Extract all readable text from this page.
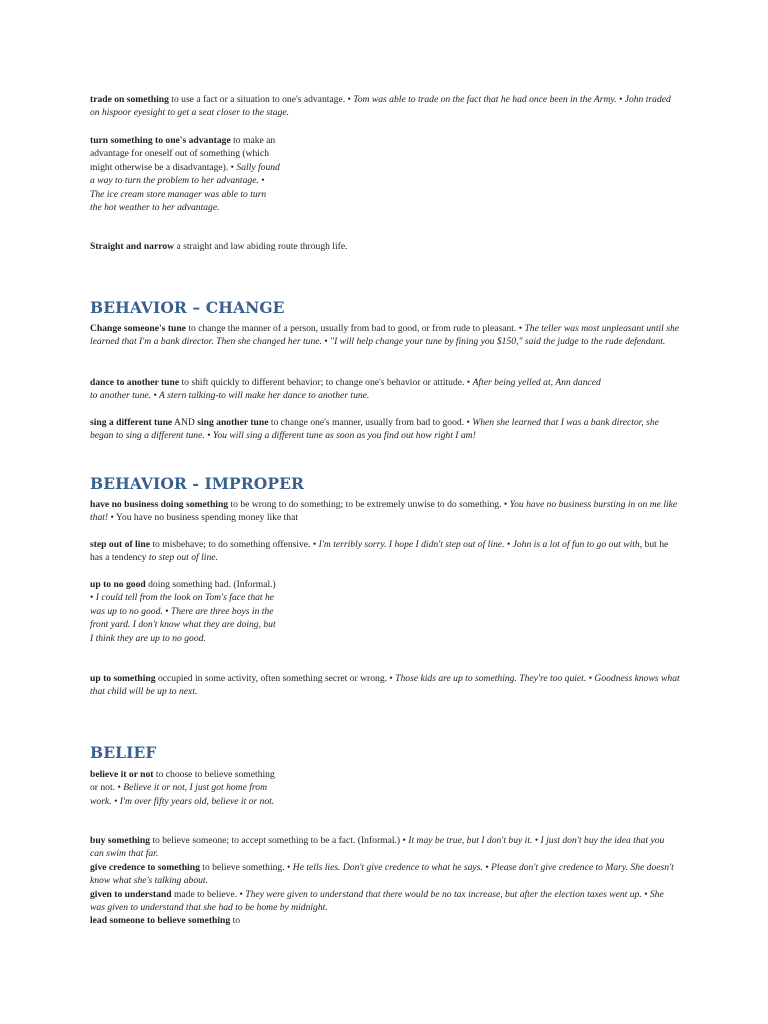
trade on something to use a fact or a situation to one's advantage. • Tom was able to trade on the fact that he had once been in the Army. • John traded on hispoor eyesight to get a seat closer to the stage.

turn something to one's advantage to make an advantage for oneself out of something (which might otherwise be a disadvantage). • Sally found a way to turn the problem to her advantage. • The ice cream store manager was able to turn the hot weather to her advantage.

Straight and narrow a straight and law abiding route through life.

BEHAVIOR – CHANGE

Change someone's tune to change the manner of a person, usually from bad to good, or from rude to pleasant. • The teller was most unpleasant until she learned that I'm a bank director. Then she changed her tune. • "I will help change your tune by fining you $150," said the judge to the rude defendant.

dance to another tune to shift quickly to different behavior; to change one's behavior or attitude. • After being yelled at, Ann danced to another tune. • A stern talking-to will make her dance to another tune.

sing a different tune AND sing another tune to change one's manner, usually from bad to good. • When she learned that I was a bank director, she began to sing a different tune. • You will sing a different tune as soon as you find out how right I am!

BEHAVIOR - IMPROPER

have no business doing something to be wrong to do something; to be extremely unwise to do something. • You have no business bursting in on me like that! • You have no business spending money like that

step out of line to misbehave; to do something offensive. • I'm terribly sorry. I hope I didn't step out of line. • John is a lot of fun to go out with, but he has a tendency to step out of line.

up to no good doing something bad. (Informal.) • I could tell from the look on Tom's face that he was up to no good. • There are three boys in the front yard. I don't know what they are doing, but I think they are up to no good.

up to something occupied in some activity, often something secret or wrong. • Those kids are up to something. They're too quiet. • Goodness knows what that child will be up to next.

BELIEF

believe it or not to choose to believe something or not. • Believe it or not, I just got home from work. • I'm over fifty years old, believe it or not.

buy something to believe someone; to accept something to be a fact. (Informal.) • It may be true, but I don't buy it. • I just don't buy the idea that you can swim that far.

give credence to something to believe something. • He tells lies. Don't give credence to what he says. • Please don't give credence to Mary. She doesn't know what she's talking about.

given to understand made to believe. • They were given to understand that there would be no tax increase, but after the election taxes went up. • She was given to understand that she had to be home by midnight.

lead someone to believe something to
